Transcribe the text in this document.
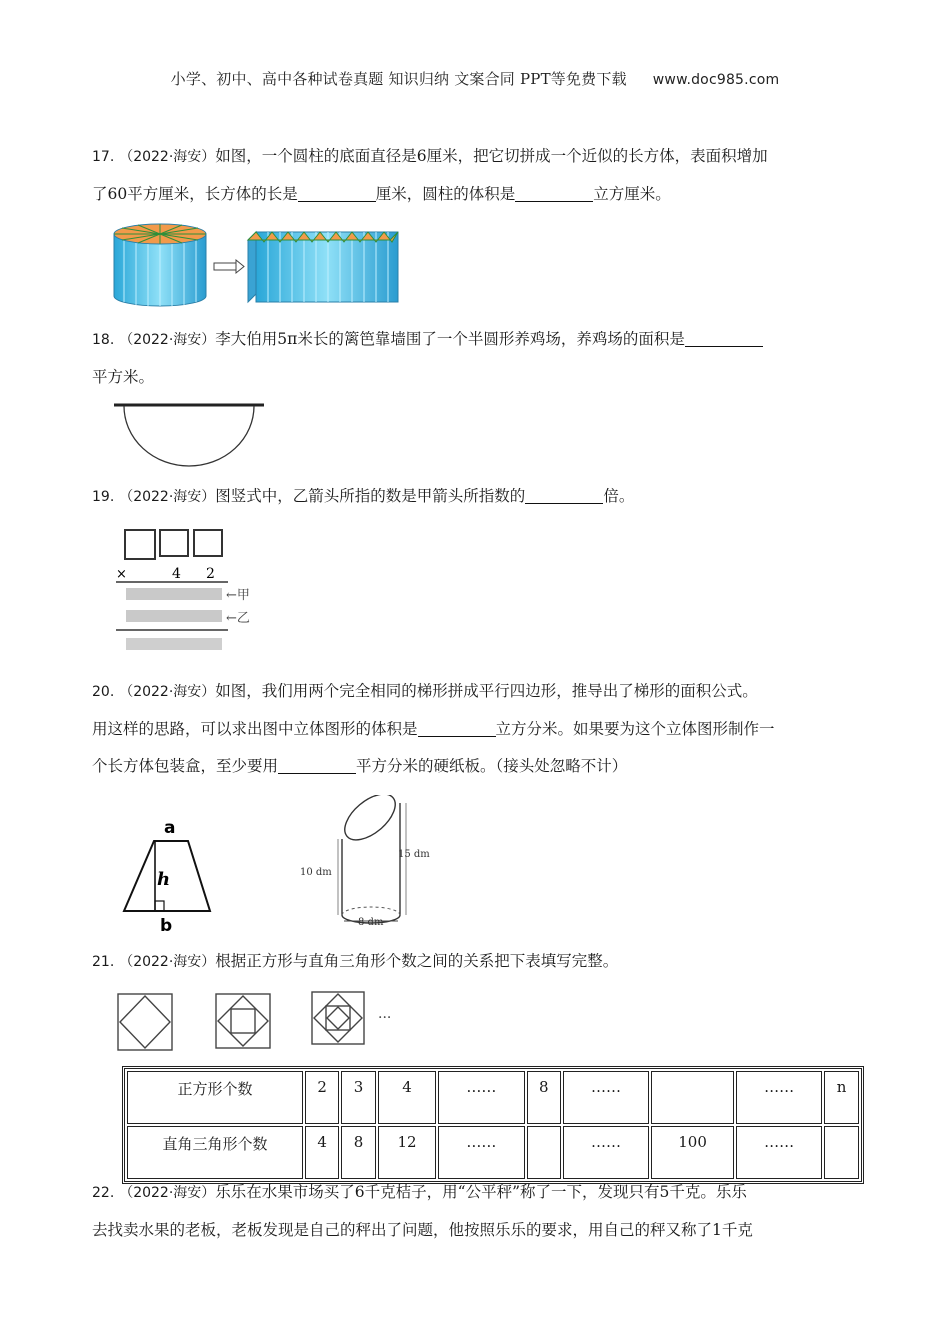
小学、初中、高中各种试卷真题 知识归纳 文案合同 PPT等免费下载 www.doc985.com
17. （2022·海安）如图，一个圆柱的底面直径是6厘米，把它切拼成一个近似的长方体，表面积增加
了60平方厘米，长方体的长是	厘米，圆柱的体积是	立方厘米。
18. （2022·海安）李大伯用5π米长的篱笆靠墙围了一个半圆形养鸡场，养鸡场的面积是
平方米。
19. （2022·海安）图竖式中，乙箭头所指的数是甲箭头所指数的	倍。
×	4 2
←甲
←乙
20. （2022·海安）如图，我们用两个完全相同的梯形拼成平行四边形，推导出了梯形的面积公式。
用这样的思路，可以求出图中立体图形的体积是	立方分米。如果要为这个立体图形制作一
个长方体包装盒，至少要用	平方分米的硬纸板。（接头处忽略不计）
a
h
b
10 dm
15 dm
8 dm
21. （2022·海安）根据正方形与直角三角形个数之间的关系把下表填写完整。
···
正方形个数	2	3	4	……	8	……		……	n
直角三角形个数	4	8	12	……		……	100	……	
22. （2022·海安）乐乐在水果市场买了6千克桔子，用“公平秤”称了一下，发现只有5千克。乐乐
去找卖水果的老板，老板发现是自己的秤出了问题，他按照乐乐的要求，用自己的秤又称了1千克
